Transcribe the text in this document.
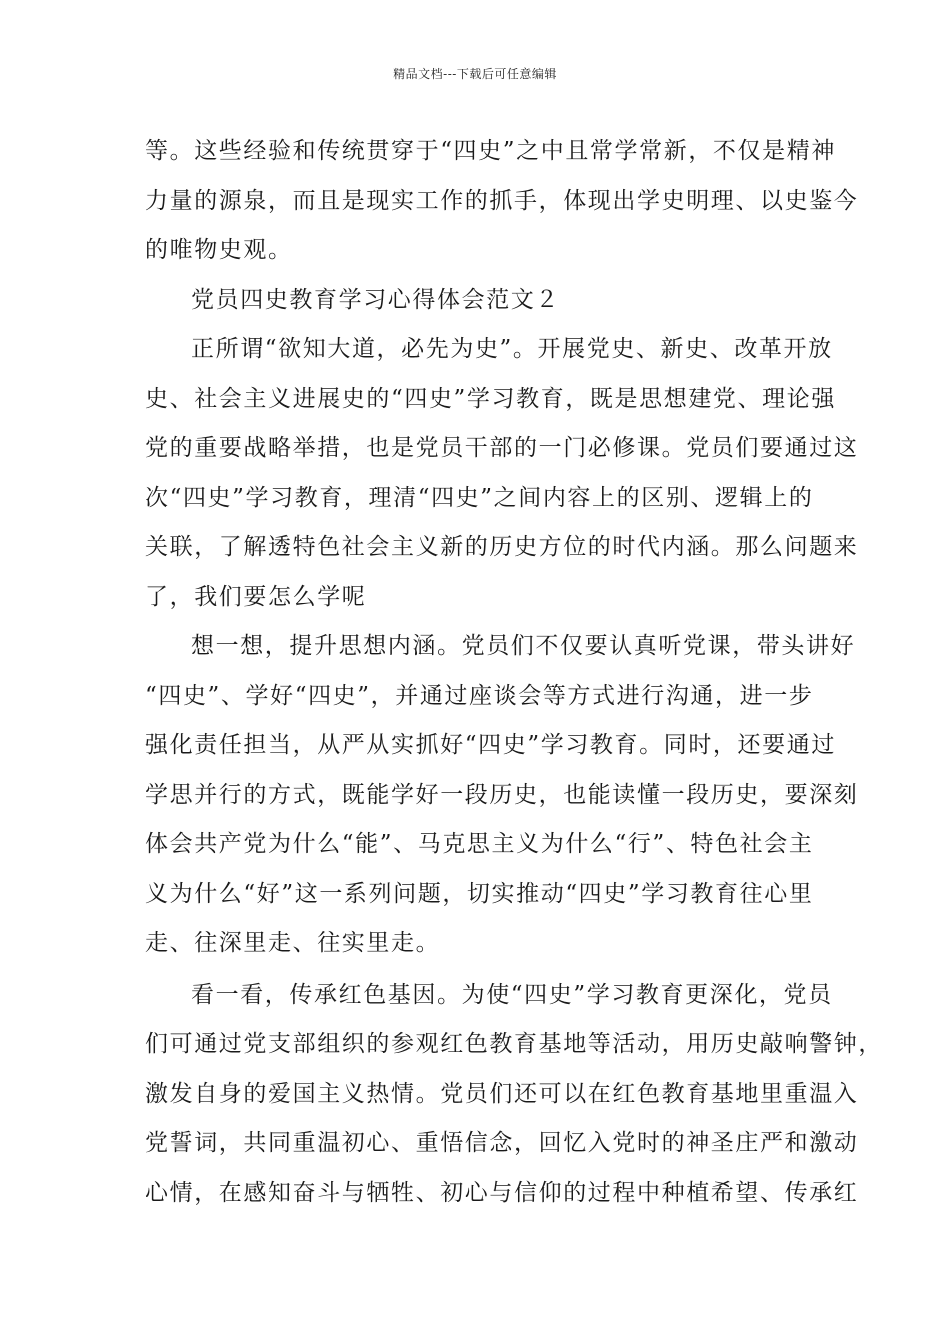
精品文档---下载后可任意编辑
等。这些经验和传统贯穿于“四史”之中且常学常新，不仅是精神
力量的源泉，而且是现实工作的抓手，体现出学史明理、以史鉴今
的唯物史观。
党员四史教育学习心得体会范文２
正所谓“欲知大道，必先为史”。开展党史、新史、改革开放
史、社会主义进展史的“四史”学习教育，既是思想建党、理论强
党的重要战略举措，也是党员干部的一门必修课。党员们要通过这
次“四史”学习教育，理清“四史”之间内容上的区别、逻辑上的
关联，了解透特色社会主义新的历史方位的时代内涵。那么问题来
了，我们要怎么学呢
想一想，提升思想内涵。党员们不仅要认真听党课，带头讲好
“四史”、学好“四史”，并通过座谈会等方式进行沟通，进一步
强化责任担当，从严从实抓好“四史”学习教育。同时，还要通过
学思并行的方式，既能学好一段历史，也能读懂一段历史，要深刻
体会共产党为什么“能”、马克思主义为什么“行”、特色社会主
义为什么“好”这一系列问题，切实推动“四史”学习教育往心里
走、往深里走、往实里走。
看一看，传承红色基因。为使“四史”学习教育更深化，党员
们可通过党支部组织的参观红色教育基地等活动，用历史敲响警钟，
激发自身的爱国主义热情。党员们还可以在红色教育基地里重温入
党誓词，共同重温初心、重悟信念，回忆入党时的神圣庄严和激动
心情，在感知奋斗与牺牲、初心与信仰的过程中种植希望、传承红
